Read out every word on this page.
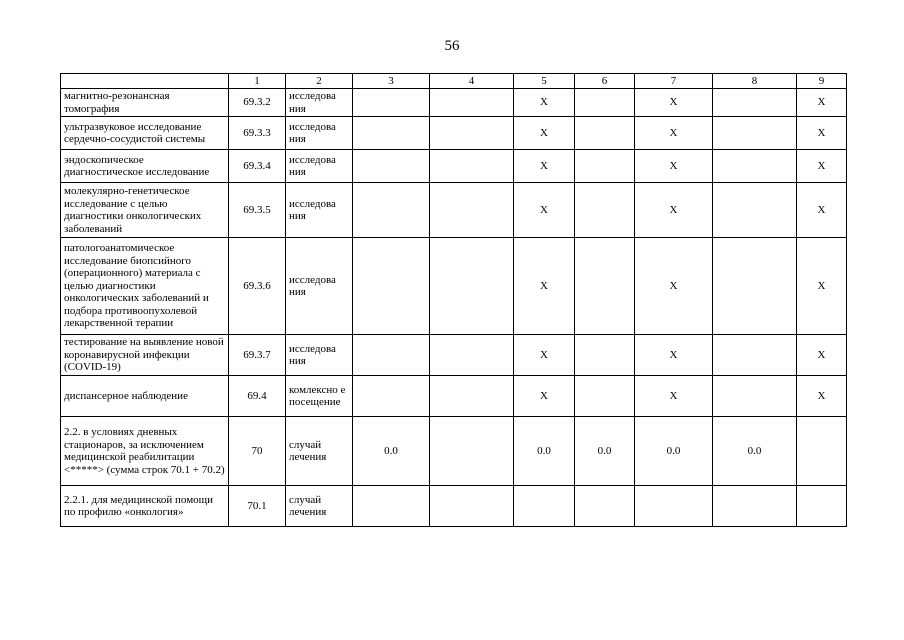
56
	1	2	3	4	5	6	7	8	9
магнитно-резонансная томография	69.3.2	исследова ния			X		X		X
ультразвуковое исследование сердечно-сосудистой системы	69.3.3	исследова ния			X		X		X
эндоскопическое диагностическое исследование	69.3.4	исследова ния			X		X		X
молекулярно-генетическое исследование с целью диагностики онкологических заболеваний	69.3.5	исследова ния			X		X		X
патологоанатомическое исследование биопсийного (операционного) материала с целью диагностики онкологических заболеваний и подбора противоопухолевой лекарственной терапии	69.3.6	исследова ния			X		X		X
тестирование на выявление новой коронавирусной инфекции (COVID-19)	69.3.7	исследова ния			X		X		X
диспансерное наблюдение	69.4	комлексно е посещение			X		X		X
2.2. в условиях дневных стационаров, за исключением медицинской реабилитации <*****> (сумма строк 70.1 + 70.2)	70	случай лечения	0.0		0.0	0.0	0.0	0.0	
2.2.1. для медицинской помощи по профилю «онкология»	70.1	случай лечения							
